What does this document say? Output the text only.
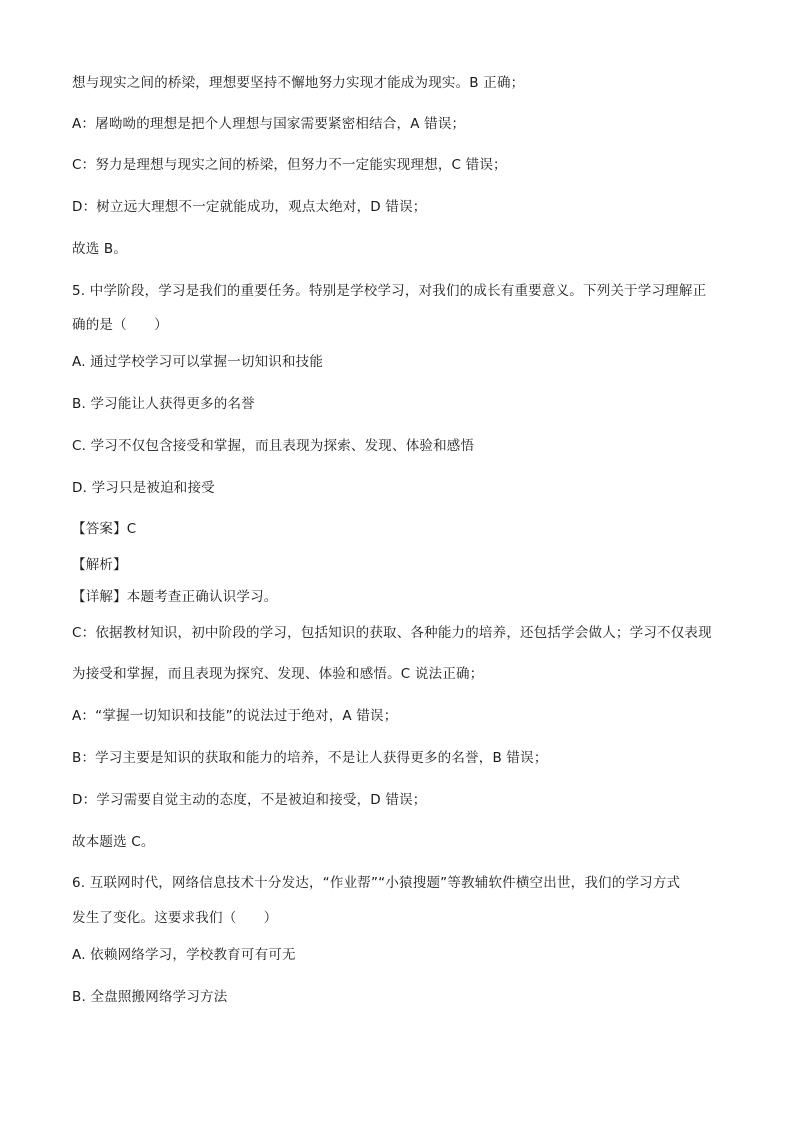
想与现实之间的桥梁，理想要坚持不懈地努力实现才能成为现实。B 正确；
A：屠呦呦的理想是把个人理想与国家需要紧密相结合，A 错误；
C：努力是理想与现实之间的桥梁，但努力不一定能实现理想，C 错误；
D：树立远大理想不一定就能成功，观点太绝对，D 错误；
故选 B。
5. 中学阶段，学习是我们的重要任务。特别是学校学习，对我们的成长有重要意义。下列关于学习理解正
确的是（　　）
A. 通过学校学习可以掌握一切知识和技能
B. 学习能让人获得更多的名誉
C. 学习不仅包含接受和掌握，而且表现为探索、发现、体验和感悟
D. 学习只是被迫和接受
【答案】C
【解析】
【详解】本题考查正确认识学习。
C：依据教材知识，初中阶段的学习，包括知识的获取、各种能力的培养，还包括学会做人；学习不仅表现
为接受和掌握，而且表现为探究、发现、体验和感悟。C 说法正确；
A：“掌握一切知识和技能”的说法过于绝对，A 错误；
B：学习主要是知识的获取和能力的培养，不是让人获得更多的名誉，B 错误；
D：学习需要自觉主动的态度，不是被迫和接受，D 错误；
故本题选 C。
6. 互联网时代，网络信息技术十分发达，“作业帮”“小猿搜题”等教辅软件横空出世，我们的学习方式
发生了变化。这要求我们（　　）
A. 依赖网络学习，学校教育可有可无
B. 全盘照搬网络学习方法
